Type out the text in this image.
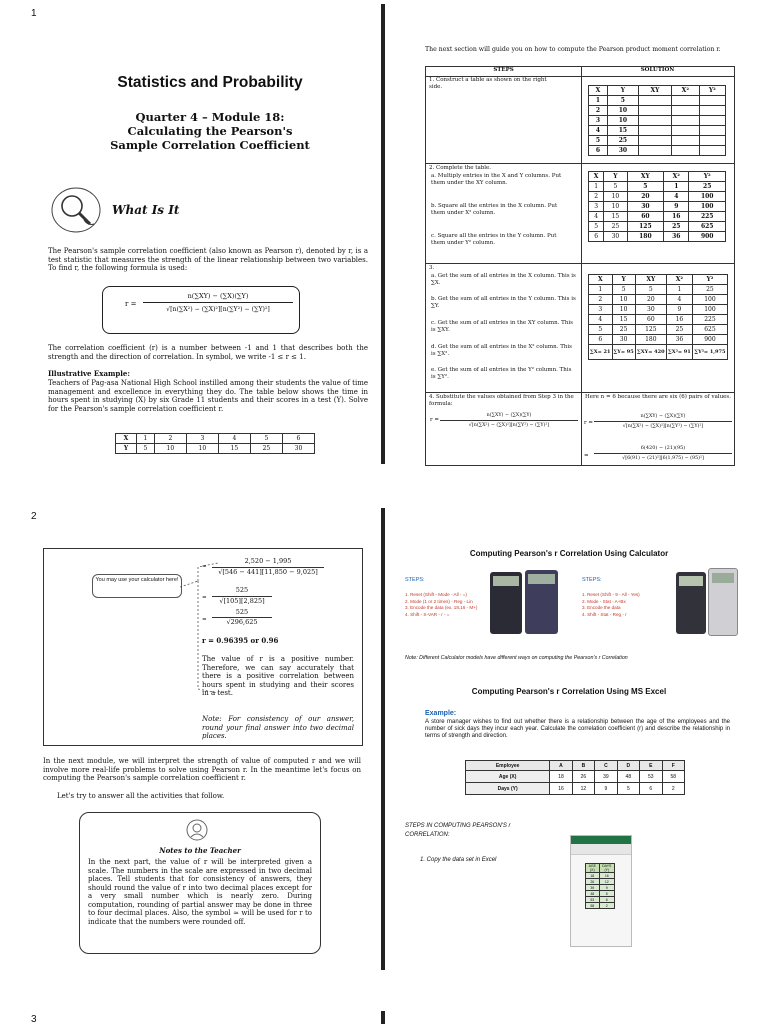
1
2
3
Statistics and Probability
Quarter 4 – Module 18:
Calculating the Pearson's
Sample Correlation Coefficient
What Is It
The Pearson's sample correlation coefficient (also known as Pearson r), denoted by r, is a test statistic that measures the strength of the linear relationship between two variables. To find r, the following formula is used:
r =
n(∑XY) − (∑X)(∑Y)
√[n(∑X²) − (∑X)²][n(∑Y²) − (∑Y)²]
The correlation coefficient (r) is a number between -1 and 1 that describes both the strength and the direction of correlation. In symbol, we write -1 ≤ r ≤ 1.
Illustrative Example:
Teachers of Pag-asa National High School instilled among their students the value of time management and excellence in everything they do. The table below shows the time in hours spent in studying (X) by six Grade 11 students and their scores in a test (Y). Solve for the Pearson's sample correlation coefficient r.
X	1	2	3	4	5	6
Y	5	10	10	15	25	30
The next section will guide you on how to compute the Pearson product moment correlation r.
STEPS	SOLUTION
1. Construct a table as shown on the right side.	X	Y	XY	X²	Y²
1	5			
2	10			
3	10			
4	15			
5	25			
6	30			
2. Complete the table.
a. Multiply entries in the X and Y columns. Put them under the XY column.
b. Square all the entries in the X column. Put them under X² column.
c. Square all the entries in the Y column. Put them under Y² column.
X	Y	XY	X²	Y²
1	5	5	1	25
2	10	20	4	100
3	10	30	9	100
4	15	60	16	225
5	25	125	25	625
6	30	180	36	900
3.
a. Get the sum of all entries in the X column. This is ∑X.
b. Get the sum of all entries in the Y column. This is ∑Y.
c. Get the sum of all entries in the XY column. This is ∑XY.
d. Get the sum of all entries in the X² column. This is ∑X².
e. Get the sum of all entries in the Y² column. This is ∑Y².
X	Y	XY	X²	Y²
1	5	5	1	25
2	10	20	4	100
3	10	30	9	100
4	15	60	16	225
5	25	125	25	625
6	30	180	36	900
∑X= 21	∑Y= 95	∑XY= 420	∑X²= 91	∑Y²= 1,975
4. Substitute the values obtained from Step 3 in the formula:
r =
n(∑XY) − (∑X)(∑Y)
√[n(∑X²) − (∑X)²][n(∑Y²) − (∑Y)²]
Here n = 6 because there are six (6) pairs of values.
r =
n(∑XY) − (∑X)(∑Y)
√[n(∑X²) − (∑X)²][n(∑Y²) − (∑Y)²]
=
6(420) − (21)(95)
√[6(91) − (21)²][6(1,975) − (95)²]
You may use your calculator here!
=
2,520 − 1,995
√[546 − 441][11,850 − 9,025]
=
525
√[105][2,825]
=
525
√296,625
r = 0.96395 or 0.96
The value of r is a positive number. Therefore, we can say accurately that there is a positive correlation between hours spent in studying and their scores in a test.
Note: For consistency of our answer, round your final answer into two decimal places.
In the next module, we will interpret the strength of value of computed r and we will involve more real-life problems to solve using Pearson r. In the meantime let's focus on computing the Pearson's sample correlation coefficient r.
Let's try to answer all the activities that follow.
Notes to the Teacher
In the next part, the value of r will be interpreted given a scale. The numbers in the scale are expressed in two decimal places. Tell students that for consistency of answers, they should round the value of r into two decimal places except for a very small number which is nearly zero. During computation, rounding of partial answer may be done in three to four decimal places. Also, the symbol ≈ will be used for r to indicate that the numbers were rounded off.
Computing Pearson's r Correlation Using Calculator
STEPS:
1. Reset (Shift - Mode - All - =)
2. Mode (1 or 2 times) - Reg - Lin
3. Encode the data (ex. 18,16 - M+)
4. Shift - S-VAR - r - =
STEPS:
1. Reset (Shift - 9 - All - Yes)
2. Mode - Stat - A+Bx
3. Encode the data
4. Shift - Stat - Reg - r
Note: Different Calculator models have different ways on computing the Pearson's r Correlation
Computing Pearson's r Correlation Using MS Excel
Example:
A store manager wishes to find out whether there is a relationship between the age of the employees and the number of sick days they incur each year. Calculate the correlation coefficient (r) and describe the relationship in terms of strength and direction.
Employee	A	B	C	D	E	F
Age (X)	18	26	39	48	53	58
Days (Y)	16	12	9	5	6	2
STEPS IN COMPUTING PEARSON'S r CORRELATION:
1. Copy the data set in Excel
AGE (X)	DAYS (Y)
18	16
26	12
39	9
48	5
53	6
58	2
